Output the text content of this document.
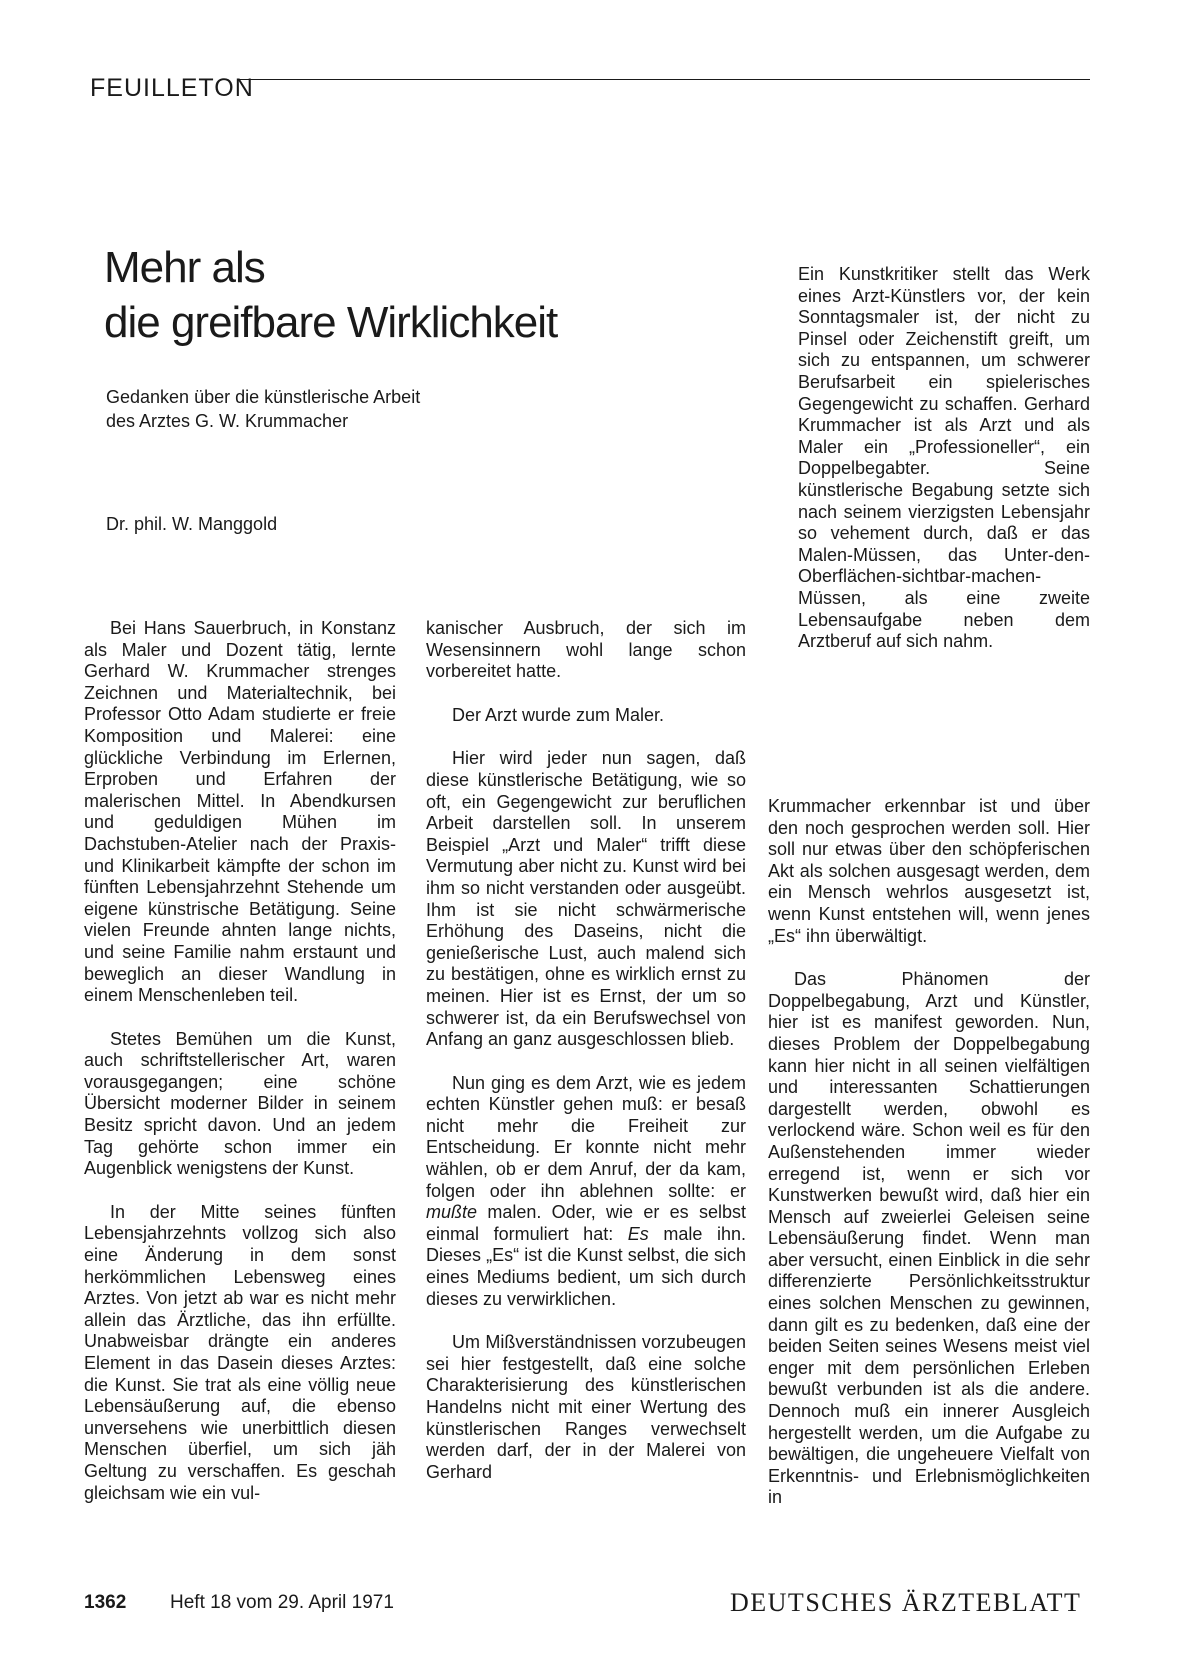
FEUILLETON
Mehr als
die greifbare Wirklichkeit
Gedanken über die künstlerische Arbeit
des Arztes G. W. Krummacher
Dr. phil. W. Manggold

Ein Kunstkritiker stellt das Werk eines Arzt-Künstlers vor, der kein Sonntagsmaler ist, der nicht zu Pinsel oder Zeichenstift greift, um sich zu entspannen, um schwerer Berufsarbeit ein spielerisches Gegengewicht zu schaffen. Gerhard Krummacher ist als Arzt und als Maler ein „Professioneller“, ein Doppelbegabter. Seine künstlerische Begabung setzte sich nach seinem vierzigsten Lebensjahr so vehement durch, daß er das Malen-Müssen, das Unter-den-Oberflächen-sichtbar-machen-Müssen, als eine zweite Lebensaufgabe neben dem Arztberuf auf sich nahm.

Bei Hans Sauerbruch, in Konstanz als Maler und Dozent tätig, lernte Gerhard W. Krummacher strenges Zeichnen und Materialtechnik, bei Professor Otto Adam studierte er freie Komposition und Malerei: eine glückliche Verbindung im Erlernen, Erproben und Erfahren der malerischen Mittel. In Abendkursen und geduldigen Mühen im Dachstuben-Atelier nach der Praxis- und Klinikarbeit kämpfte der schon im fünften Lebensjahrzehnt Stehende um eigene künstrische Betätigung. Seine vielen Freunde ahnten lange nichts, und seine Familie nahm erstaunt und beweglich an dieser Wandlung in einem Menschenleben teil.

Stetes Bemühen um die Kunst, auch schriftstellerischer Art, waren vorausgegangen; eine schöne Übersicht moderner Bilder in seinem Besitz spricht davon. Und an jedem Tag gehörte schon immer ein Augenblick wenigstens der Kunst.

In der Mitte seines fünften Lebensjahrzehnts vollzog sich also eine Änderung in dem sonst herkömmlichen Lebensweg eines Arztes. Von jetzt ab war es nicht mehr allein das Ärztliche, das ihn erfüllte. Unabweisbar drängte ein anderes Element in das Dasein dieses Arztes: die Kunst. Sie trat als eine völlig neue Lebensäußerung auf, die ebenso unversehens wie unerbittlich diesen Menschen überfiel, um sich jäh Geltung zu verschaffen. Es geschah gleichsam wie ein vul-

kanischer Ausbruch, der sich im Wesensinnern wohl lange schon vorbereitet hatte.

Der Arzt wurde zum Maler.

Hier wird jeder nun sagen, daß diese künstlerische Betätigung, wie so oft, ein Gegengewicht zur beruflichen Arbeit darstellen soll. In unserem Beispiel „Arzt und Maler“ trifft diese Vermutung aber nicht zu. Kunst wird bei ihm so nicht verstanden oder ausgeübt. Ihm ist sie nicht schwärmerische Erhöhung des Daseins, nicht die genießerische Lust, auch malend sich zu bestätigen, ohne es wirklich ernst zu meinen. Hier ist es Ernst, der um so schwerer ist, da ein Berufswechsel von Anfang an ganz ausgeschlossen blieb.

Nun ging es dem Arzt, wie es jedem echten Künstler gehen muß: er besaß nicht mehr die Freiheit zur Entscheidung. Er konnte nicht mehr wählen, ob er dem Anruf, der da kam, folgen oder ihn ablehnen sollte: er mußte malen. Oder, wie er es selbst einmal formuliert hat: Es male ihn. Dieses „Es“ ist die Kunst selbst, die sich eines Mediums bedient, um sich durch dieses zu verwirklichen.

Um Mißverständnissen vorzubeugen sei hier festgestellt, daß eine solche Charakterisierung des künstlerischen Handelns nicht mit einer Wertung des künstlerischen Ranges verwechselt werden darf, der in der Malerei von Gerhard

Krummacher erkennbar ist und über den noch gesprochen werden soll. Hier soll nur etwas über den schöpferischen Akt als solchen ausgesagt werden, dem ein Mensch wehrlos ausgesetzt ist, wenn Kunst entstehen will, wenn jenes „Es“ ihn überwältigt.

Das Phänomen der Doppelbegabung, Arzt und Künstler, hier ist es manifest geworden. Nun, dieses Problem der Doppelbegabung kann hier nicht in all seinen vielfältigen und interessanten Schattierungen dargestellt werden, obwohl es verlockend wäre. Schon weil es für den Außenstehenden immer wieder erregend ist, wenn er sich vor Kunstwerken bewußt wird, daß hier ein Mensch auf zweierlei Geleisen seine Lebensäußerung findet. Wenn man aber versucht, einen Einblick in die sehr differenzierte Persönlichkeitsstruktur eines solchen Menschen zu gewinnen, dann gilt es zu bedenken, daß eine der beiden Seiten seines Wesens meist viel enger mit dem persönlichen Erleben bewußt verbunden ist als die andere. Dennoch muß ein innerer Ausgleich hergestellt werden, um die Aufgabe zu bewältigen, die ungeheuere Vielfalt von Erkenntnis- und Erlebnismöglichkeiten in

1362 Heft 18 vom 29. April 1971	DEUTSCHES ÄRZTEBLATT
